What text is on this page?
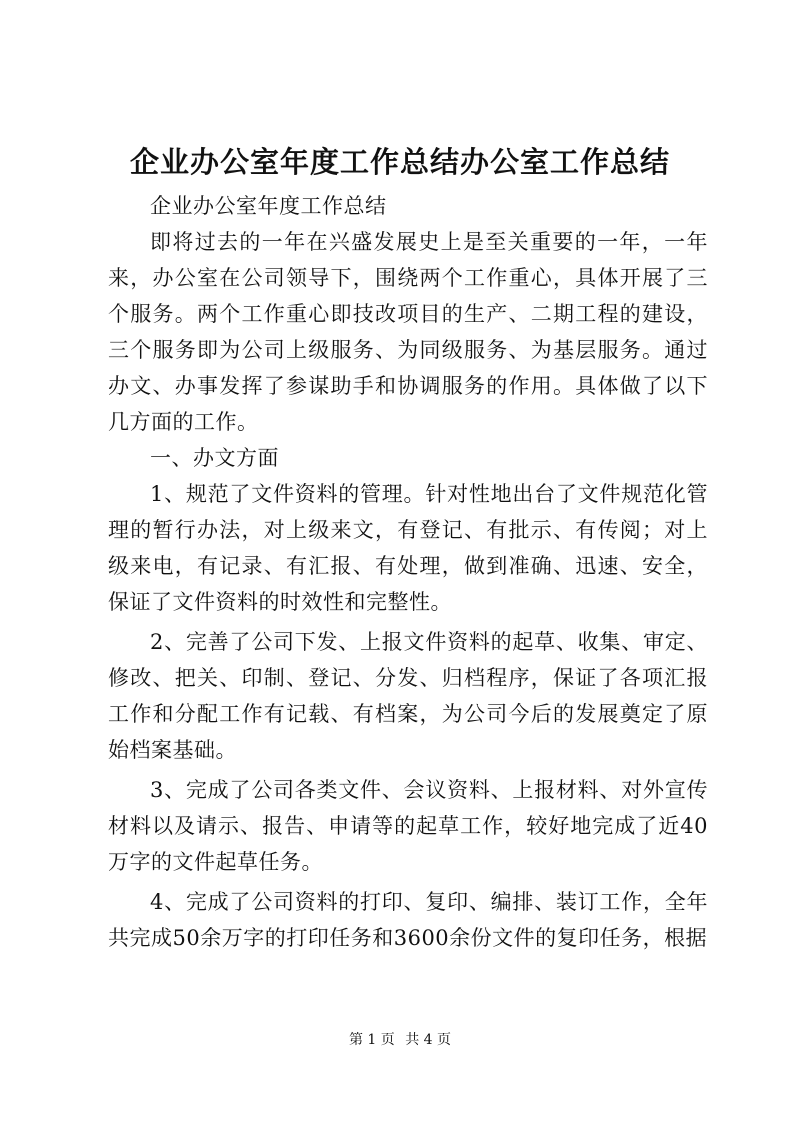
企业办公室年度工作总结办公室工作总结

企业办公室年度工作总结

即将过去的一年在兴盛发展史上是至关重要的一年，一年来，办公室在公司领导下，围绕两个工作重心，具体开展了三个服务。两个工作重心即技改项目的生产、二期工程的建设，三个服务即为公司上级服务、为同级服务、为基层服务。通过办文、办事发挥了参谋助手和协调服务的作用。具体做了以下几方面的工作。

一、办文方面

1、规范了文件资料的管理。针对性地出台了文件规范化管理的暂行办法，对上级来文，有登记、有批示、有传阅；对上级来电，有记录、有汇报、有处理，做到准确、迅速、安全，保证了文件资料的时效性和完整性。

2、完善了公司下发、上报文件资料的起草、收集、审定、修改、把关、印制、登记、分发、归档程序，保证了各项汇报工作和分配工作有记载、有档案，为公司今后的发展奠定了原始档案基础。

3、完成了公司各类文件、会议资料、上报材料、对外宣传材料以及请示、报告、申请等的起草工作，较好地完成了近40万字的文件起草任务。

4、完成了公司资料的打印、复印、编排、装订工作，全年共完成50余万字的打印任务和3600余份文件的复印任务，根据

第 1 页 共 4 页
